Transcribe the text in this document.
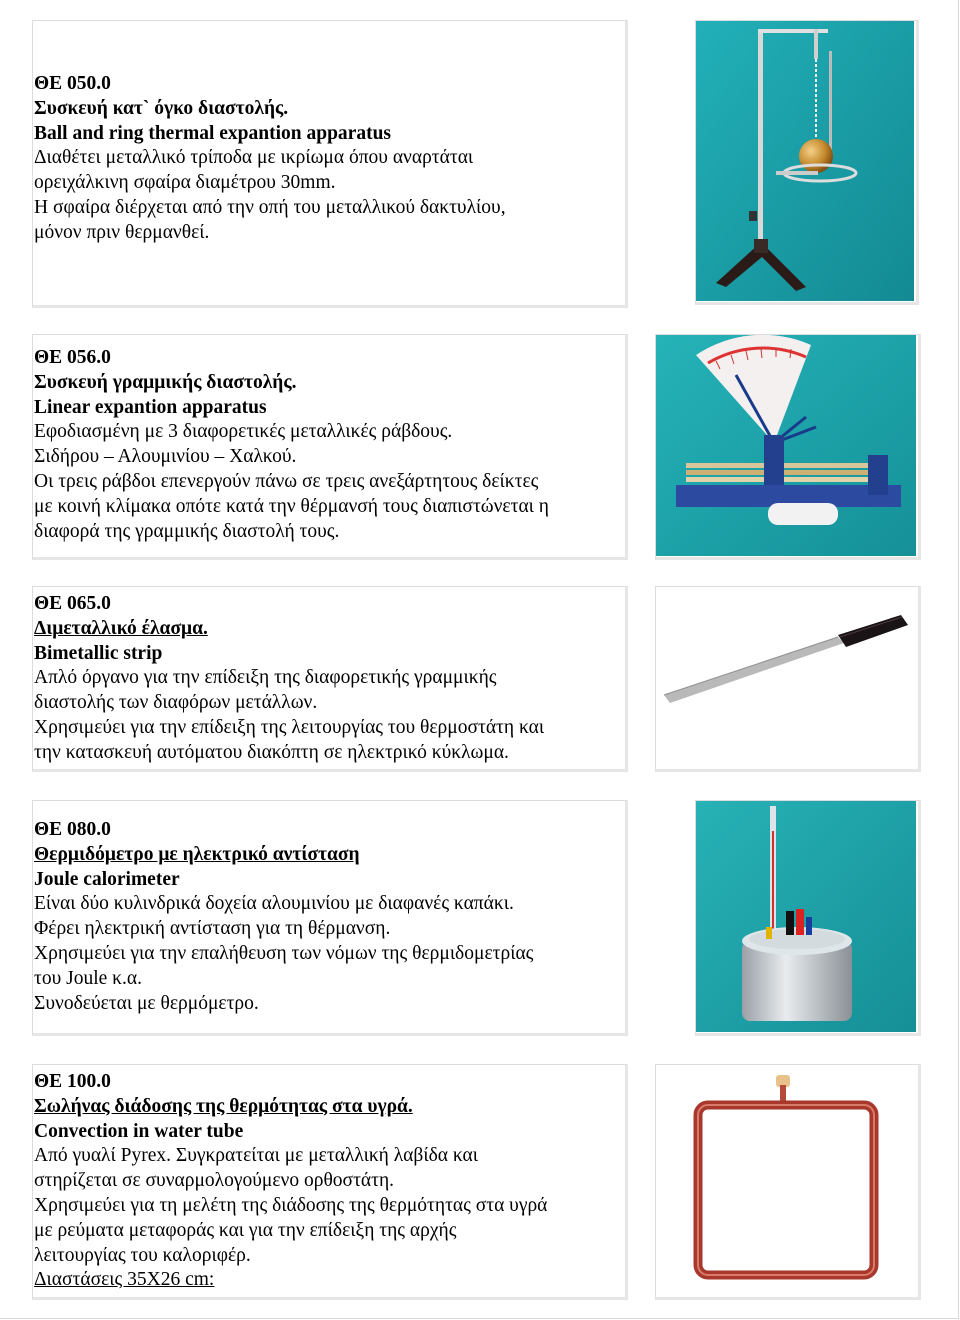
ΘΕ 050.0

Συσκευή κατ` όγκο διαστολής.

Ball and ring thermal expantion apparatus

Διαθέτει μεταλλικό τρίποδα με ικρίωμα όπου αναρτάται

ορειχάλκινη σφαίρα διαμέτρου 30mm.

Η σφαίρα διέρχεται από την οπή του μεταλλικού δακτυλίου,

μόνον πριν θερμανθεί.

ΘΕ 056.0

Συσκευή γραμμικής διαστολής.

Linear expantion apparatus

Εφοδιασμένη με 3 διαφορετικές μεταλλικές ράβδους.

Σιδήρου – Αλουμινίου – Χαλκού.

Οι τρεις ράβδοι επενεργούν πάνω σε τρεις ανεξάρτητους δείκτες

με κοινή κλίμακα οπότε κατά την θέρμανσή τους διαπιστώνεται η

διαφορά της γραμμικής διαστολή τους.

ΘΕ 065.0

Διμεταλλικό έλασμα.

Bimetallic strip

Απλό όργανο για την επίδειξη της διαφορετικής γραμμικής

διαστολής των διαφόρων μετάλλων.

Χρησιμεύει για την επίδειξη της λειτουργίας του θερμοστάτη και

την κατασκευή αυτόματου διακόπτη σε ηλεκτρικό κύκλωμα.

ΘΕ 080.0

Θερμιδόμετρο με ηλεκτρικό αντίσταση

Joule calorimeter

Είναι δύο κυλινδρικά δοχεία αλουμινίου με διαφανές καπάκι.

Φέρει ηλεκτρική αντίσταση για τη θέρμανση.

Χρησιμεύει για την επαλήθευση των νόμων της θερμιδομετρίας

του Joule κ.α.

Συνοδεύεται με θερμόμετρο.

ΘΕ 100.0

Σωλήνας διάδοσης της θερμότητας στα υγρά.

Convection in water tube

Από γυαλί Pyrex. Συγκρατείται με μεταλλική λαβίδα και

στηρίζεται σε συναρμολογούμενο ορθοστάτη.

Χρησιμεύει για τη μελέτη της διάδοσης της θερμότητας στα υγρά

με ρεύματα μεταφοράς και για την επίδειξη της αρχής

λειτουργίας του καλοριφέρ.

Διαστάσεις 35Χ26 cm:
